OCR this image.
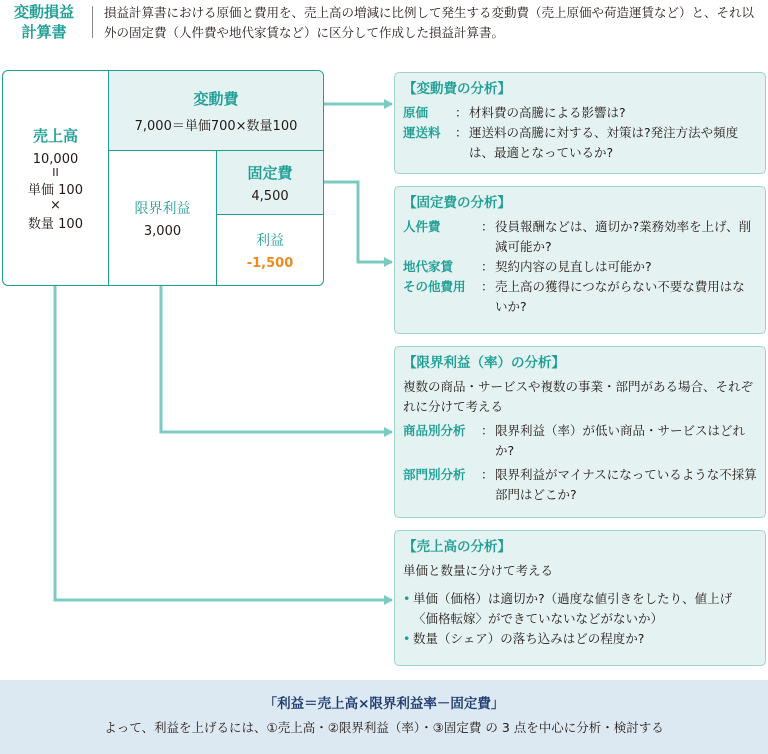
変動損益
計算書
損益計算書における原価と費用を、売上高の増減に比例して発生する変動費（売上原価や荷造運賃など）と、それ以外の固定費（人件費や地代家賃など）に区分して作成した損益計算書。
売上高
10,000
II
単価 100
×
数量 100
変動費
7,000＝単価700×数量100
限界利益
3,000
固定費
4,500
利益
-1,500
【変動費の分析】
原価	： 材料費の高騰による影響は?
運送料	： 運送料の高騰に対する、対策は?発注方法や頻度は、最適となっているか?
【固定費の分析】
人件費	： 役員報酬などは、適切か?業務効率を上げ、削減可能か?
地代家賃	： 契約内容の見直しは可能か?
その他費用	： 売上高の獲得につながらない不要な費用はないか?
【限界利益（率）の分析】
複数の商品・サービスや複数の事業・部門がある場合、それぞれに分けて考える
商品別分析	： 限界利益（率）が低い商品・サービスはどれか?
部門別分析	： 限界利益がマイナスになっているような不採算部門はどこか?
【売上高の分析】
単価と数量に分けて考える
• 単価（価格）は適切か?（過度な値引きをしたり、値上げ〈価格転嫁〉ができていないなどがないか）
• 数量（シェア）の落ち込みはどの程度か?
「利益＝売上高×限界利益率－固定費」
よって、利益を上げるには、①売上高・②限界利益（率）・③固定費 の 3 点を中心に分析・検討する
